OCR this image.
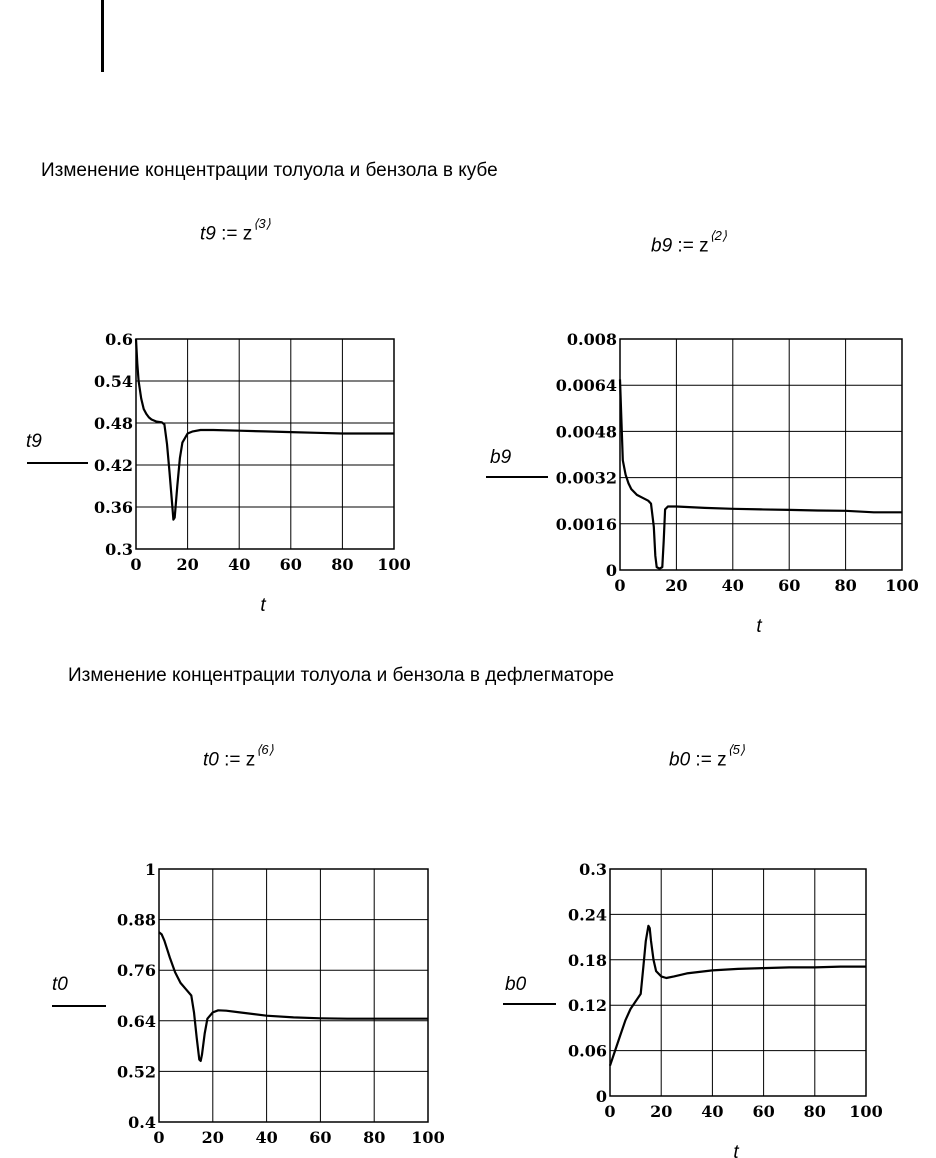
Изменение концентрации толуола и бензола в кубе
t9 := $z^{⟨3⟩}$
b9 := $z^{⟨2⟩}$
Изменение концентрации толуола и бензола в дефлегматоре
t0 := $z^{⟨6⟩}$	b0 := $z^{⟨5⟩}$
0.3
0.36
0.42
0.48
0.54
0.6
0 20 40 60 80 100
t
t9
0
0.0016
0.0032
0.0048
0.0064
0.008
0 20 40 60 80 100
t
b9
0.4
0.52
0.64
0.76
0.88
1
0 20 40 60 80 100
t0
0
0.06
0.12
0.18
0.24
0.3
0 20 40 60 80 100
t
b0
